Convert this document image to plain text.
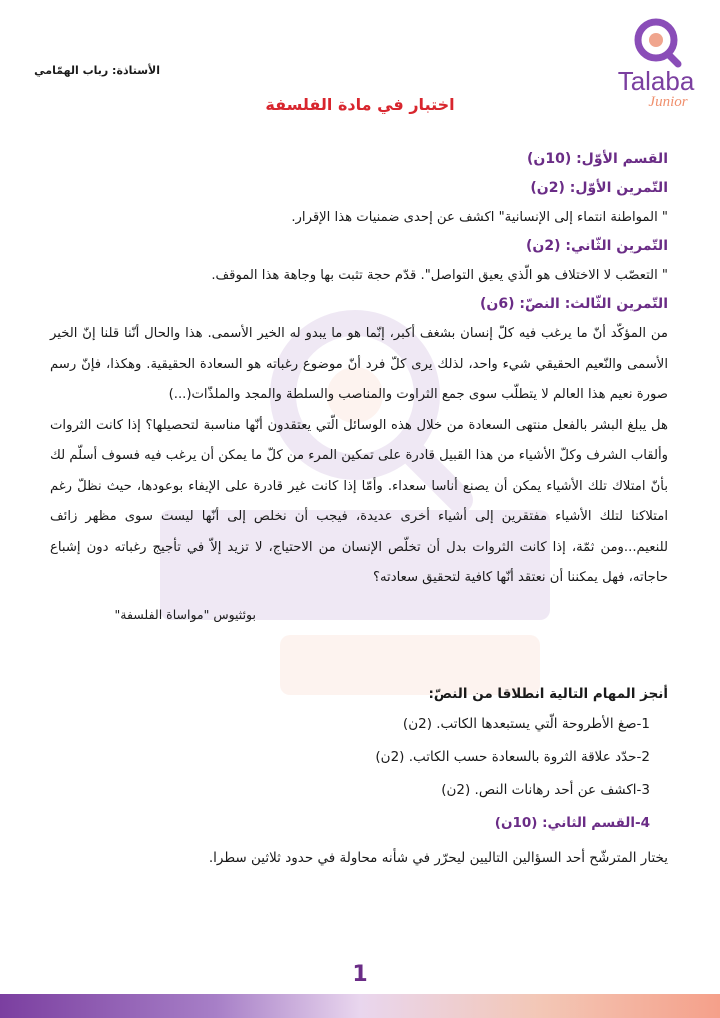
Talaba
Junior
الأستاذة: رباب الهمّامي
اختبار في مادة الفلسفة

القسم الأوّل: (10ن)

التّمرين الأوّل: (2ن)

" المواطنة انتماء إلى الإنسانية" اكشف عن إحدى ضمنيات هذا الإقرار.

التّمرين الثّاني: (2ن)

" التعصّب لا الاختلاف هو الّذي يعيق التواصل". قدّم حجة تثبت بها وجاهة هذا الموقف.

التّمرين الثّالث: النصّ: (6ن)

من المؤكّد أنّ ما يرغب فيه كلّ إنسان بشغف أكبر، إنّما هو ما يبدو له الخير الأسمى. هذا والحال أنّنا قلنا إنّ الخير الأسمى والنّعيم الحقيقي شيء واحد، لذلك يرى كلّ فرد أنّ موضوع رغباته هو السعادة الحقيقية. وهكذا، فإنّ رسم صورة نعيم هذا العالم لا يتطلّب سوى جمع الثراوت والمناصب والسلطة والمجد والملذّات(...)

هل يبلغ البشر بالفعل منتهى السعادة من خلال هذه الوسائل الّتي يعتقدون أنّها مناسبة لتحصيلها؟ إذا كانت الثروات وألقاب الشرف وكلّ الأشياء من هذا القبيل قادرة على تمكين المرء من كلّ ما يمكن أن يرغب فيه فسوف أسلّم لك بأنّ امتلاك تلك الأشياء يمكن أن يصنع أناسا سعداء. وأمّا إذا كانت غير قادرة على الإيفاء بوعودها، حيث نظلّ رغم امتلاكنا لتلك الأشياء مفتقرين إلى أشياء أخرى عديدة، فيجب أن نخلص إلى أنّها ليست سوى مظهر زائف للنعيم...ومن ثمّة، إذا كانت الثروات بدل أن تخلّص الإنسان من الاحتياج، لا تزيد إلاّ في تأجيج رغباته دون إشباع حاجاته، فهل يمكننا أن نعتقد أنّها كافية لتحقيق سعادته؟

بوئثيوس "مواساة الفلسفة"

أنجز المهام التالية انطلاقا من النصّ:

1-صغ الأطروحة الّتي يستبعدها الكاتب. (2ن)

2-حدّد علاقة الثروة بالسعادة حسب الكاتب. (2ن)

3-اكشف عن أحد رهانات النص. (2ن)

4-القسم الثاني: (10ن)

يختار المترشّح أحد السؤالين التاليين ليحرّر في شأنه محاولة في حدود ثلاثين سطرا.

1
